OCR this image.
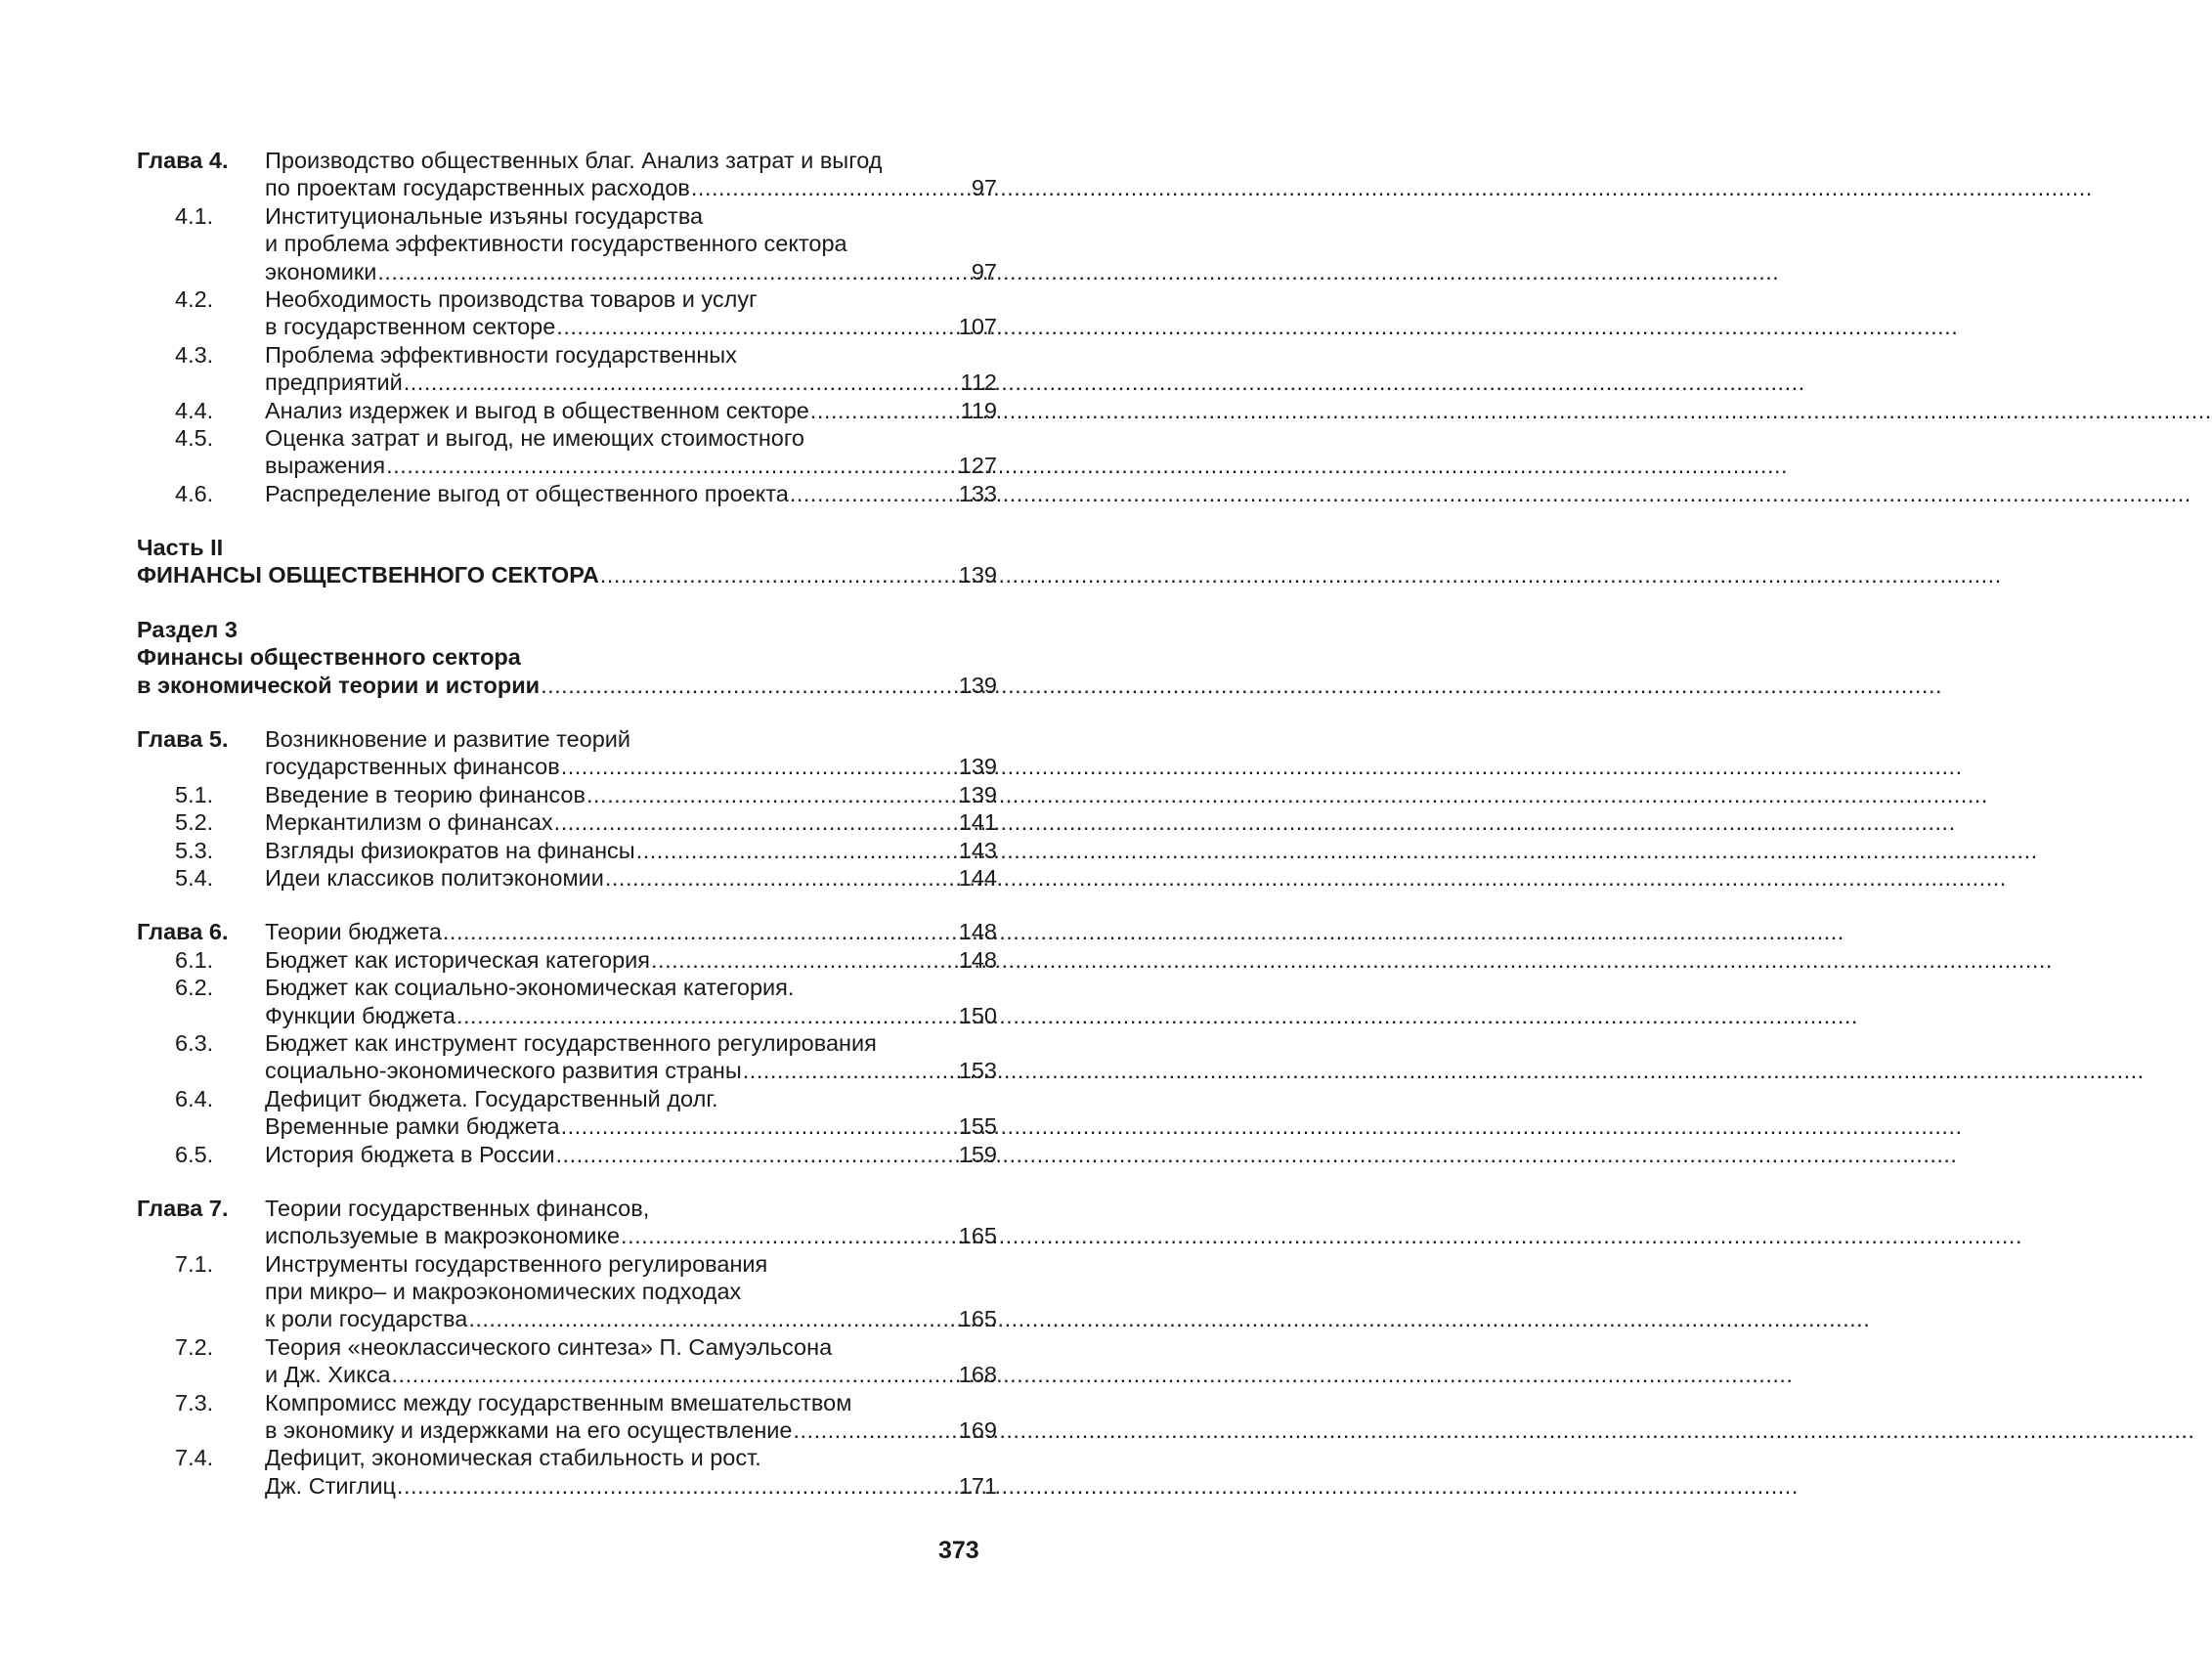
Глава 4.	Производство общественных благ. Анализ затрат и выгод
по проектам государственных расходов .....	97
4.1.	Институциональные изъяны государства
и проблема эффективности государственного сектора
экономики .....	97
4.2.	Необходимость производства товаров и услуг
в государственном секторе .....	107
4.3.	Проблема эффективности государственных
предприятий .....	112
4.4.	Анализ издержек и выгод в общественном секторе .....	119
4.5.	Оценка затрат и выгод, не имеющих стоимостного
выражения .....	127
4.6.	Распределение выгод от общественного проекта .....	133
Часть II
ФИНАНСЫ ОБЩЕСТВЕННОГО СЕКТОРА .....	139
Раздел 3
Финансы общественного сектора
в экономической теории и истории .....	139
Глава 5.	Возникновение и развитие теорий
государственных финансов .....	139
5.1.	Введение в теорию финансов .....	139
5.2.	Меркантилизм о финансах .....	141
5.3.	Взгляды физиократов на финансы .....	143
5.4.	Идеи классиков политэкономии .....	144
Глава 6.	Теории бюджета .....	148
6.1.	Бюджет как историческая категория .....	148
6.2.	Бюджет как социально-экономическая категория.
Функции бюджета .....	150
6.3.	Бюджет как инструмент государственного регулирования
социально-экономического развития страны .....	153
6.4.	Дефицит бюджета. Государственный долг.
Временные рамки бюджета .....	155
6.5.	История бюджета в России .....	159
Глава 7.	Теории государственных финансов,
используемые в макроэкономике .....	165
7.1.	Инструменты государственного регулирования
при микро– и макроэкономических подходах
к роли государства .....	165
7.2.	Теория «неоклассического синтеза» П. Самуэльсона
и Дж. Хикса .....	168
7.3.	Компромисс между государственным вмешательством
в экономику и издержками на его осуществление .....	169
7.4.	Дефицит, экономическая стабильность и рост.
Дж. Стиглиц .....	171
373
